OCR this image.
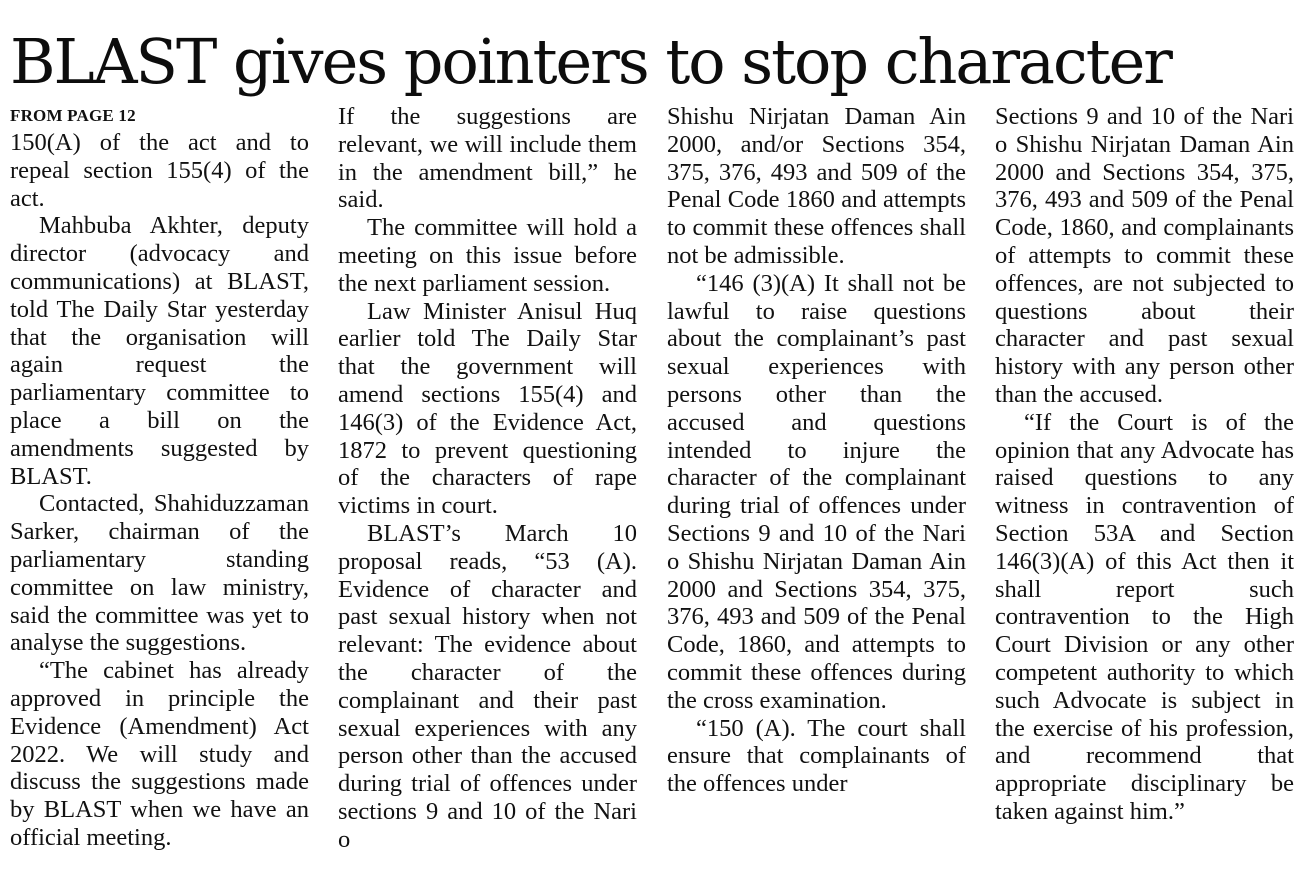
BLAST gives pointers to stop character
FROM PAGE 12

150(A) of the act and to repeal section 155(4) of the act.

Mahbuba Akhter, deputy director (advocacy and communications) at BLAST, told The Daily Star yesterday that the organisation will again request the parliamentary committee to place a bill on the amendments suggested by BLAST.

Contacted, Shahiduzzaman Sarker, chairman of the parliamentary standing committee on law ministry, said the committee was yet to analyse the suggestions.

“The cabinet has already approved in principle the Evidence (Amendment) Act 2022. We will study and discuss the suggestions made by BLAST when we have an official meeting.

If the suggestions are relevant, we will include them in the amendment bill,” he said.

The committee will hold a meeting on this issue before the next parliament session.

Law Minister Anisul Huq earlier told The Daily Star that the government will amend sections 155(4) and 146(3) of the Evidence Act, 1872 to prevent questioning of the characters of rape victims in court.

BLAST’s March 10 proposal reads, “53 (A). Evidence of character and past sexual history when not relevant: The evidence about the character of the complainant and their past sexual experiences with any person other than the accused during trial of offences under sections 9 and 10 of the Nari o

Shishu Nirjatan Daman Ain 2000, and/or Sections 354, 375, 376, 493 and 509 of the Penal Code 1860 and attempts to commit these offences shall not be admissible.

“146 (3)(A) It shall not be lawful to raise questions about the complainant’s past sexual experiences with persons other than the accused and questions intended to injure the character of the complainant during trial of offences under Sections 9 and 10 of the Nari o Shishu Nirjatan Daman Ain 2000 and Sections 354, 375, 376, 493 and 509 of the Penal Code, 1860, and attempts to commit these offences during the cross examination.

“150 (A). The court shall ensure that complainants of the offences under

Sections 9 and 10 of the Nari o Shishu Nirjatan Daman Ain 2000 and Sections 354, 375, 376, 493 and 509 of the Penal Code, 1860, and complainants of attempts to commit these offences, are not subjected to questions about their character and past sexual history with any person other than the accused.

“If the Court is of the opinion that any Advocate has raised questions to any witness in contravention of Section 53A and Section 146(3)(A) of this Act then it shall report such contravention to the High Court Division or any other competent authority to which such Advocate is subject in the exercise of his profession, and recommend that appropriate disciplinary be taken against him.”
